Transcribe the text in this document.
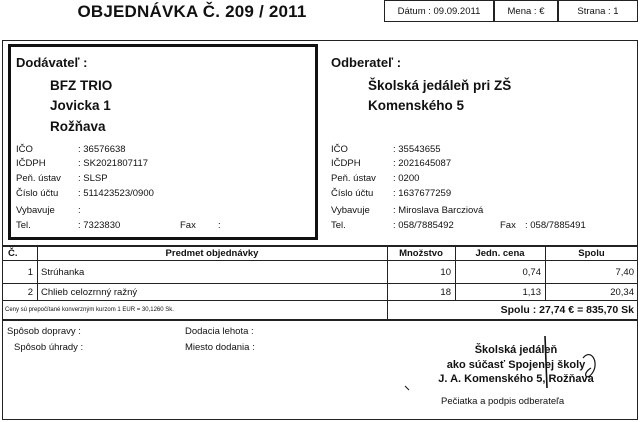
OBJEDNÁVKA Č. 209 / 2011	Dátum : 09.09.2011	Mena : €	Strana : 1
Dodávateľ :
BFZ TRIO
Jovicka 1
Rožňava
IČO	: 36576638
IČDPH	: SK2021807117
Peň. ústav : SLSP
Číslo účtu : 511423523/0900
Vybavuje :
Tel.	: 7323830	Fax :
Odberateľ :
Školská jedáleň pri ZŠ
Komenského 5
IČO	: 35543655
IČDPH	: 2021645087
Peň. ústav : 0200
Číslo účtu : 1637677259
Vybavuje : Miroslava Barcziová
Tel.	: 058/7885492	Fax : 058/7885491
Č.	Predmet objednávky	Množstvo	Jedn. cena	Spolu
1 Strúhanka	10	0,74	7,40
2 Chlieb celozrnný ražný	18	1,13	20,34
Ceny sú prepočítané konverzným kurzom 1 EUR = 30,1260 Sk.	Spolu : 27,74 € = 835,70 Sk
Spôsob dopravy :
Spôsob úhrady :
Dodacia lehota :
Miesto dodania :	Školská jedáleň
ako súčasť Spojenej školy
J. A. Komenského 5, Rožňava
Pečiatka a podpis odberateľa
